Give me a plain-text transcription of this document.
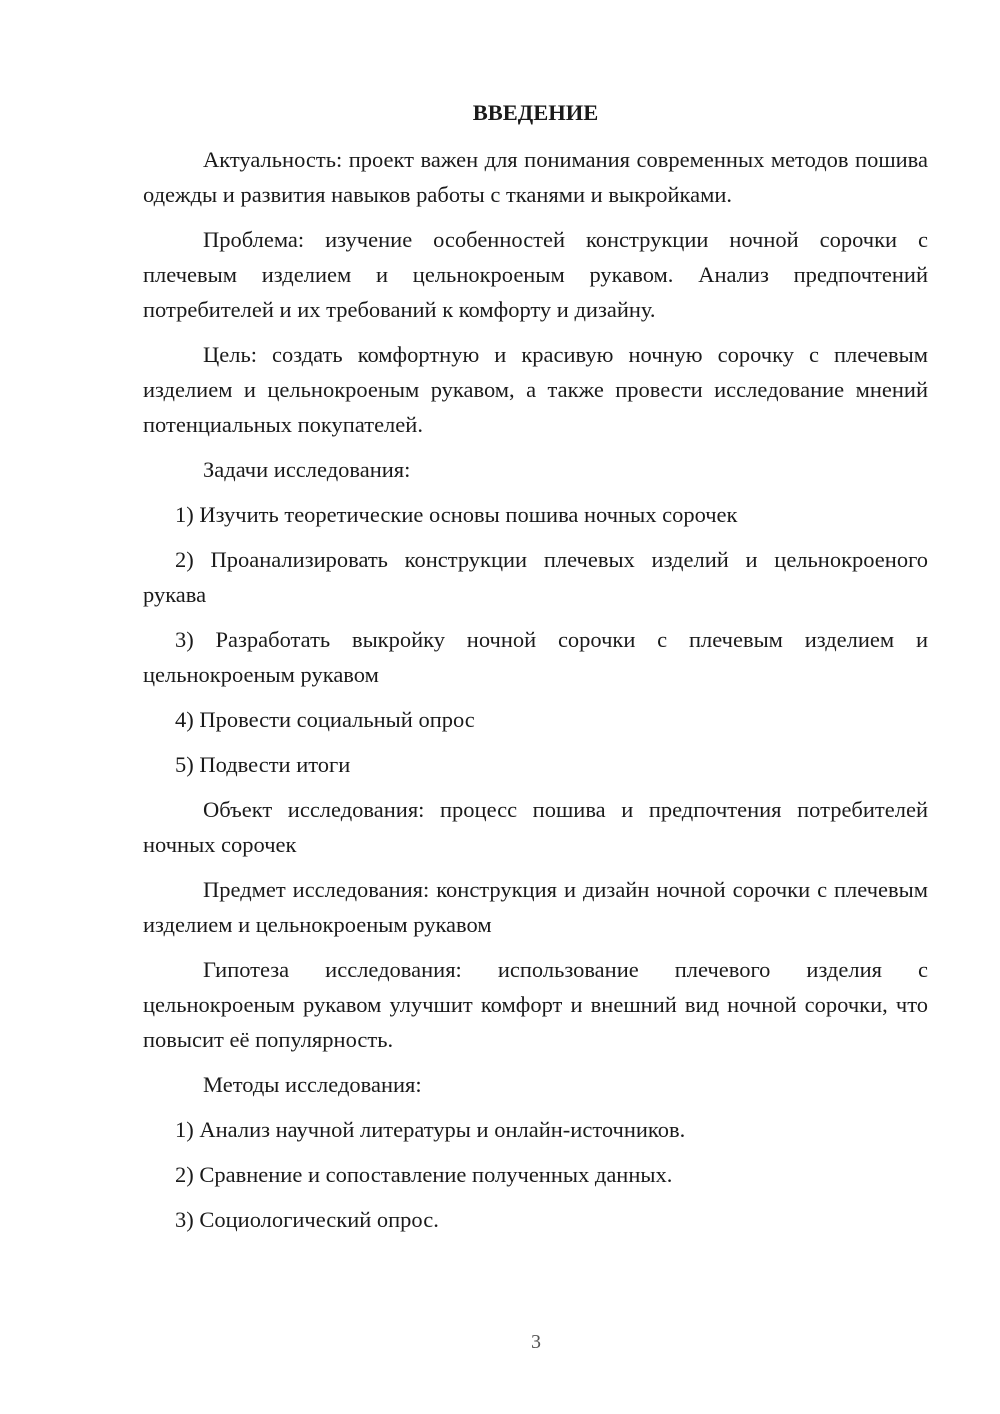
ВВЕДЕНИЕ

Актуальность: проект важен для понимания современных методов пошива одежды и развития навыков работы с тканями и выкройками.

Проблема: изучение особенностей конструкции ночной сорочки с плечевым изделием и цельнокроеным рукавом. Анализ предпочтений потребителей и их требований к комфорту и дизайну.

Цель: создать комфортную и красивую ночную сорочку с плечевым изделием и цельнокроеным рукавом, а также провести исследование мнений потенциальных покупателей.

Задачи исследования:

1) Изучить теоретические основы пошива ночных сорочек

2) Проанализировать конструкции плечевых изделий и цельнокроеного рукава

3) Разработать выкройку ночной сорочки с плечевым изделием и цельнокроеным рукавом

4) Провести социальный опрос

5) Подвести итоги

Объект исследования: процесс пошива и предпочтения потребителей ночных сорочек

Предмет исследования: конструкция и дизайн ночной сорочки с плечевым изделием и цельнокроеным рукавом

Гипотеза исследования: использование плечевого изделия с цельнокроеным рукавом улучшит комфорт и внешний вид ночной сорочки, что повысит её популярность.

Методы исследования:

1) Анализ научной литературы и онлайн-источников.

2) Сравнение и сопоставление полученных данных.

3) Социологический опрос.

3
